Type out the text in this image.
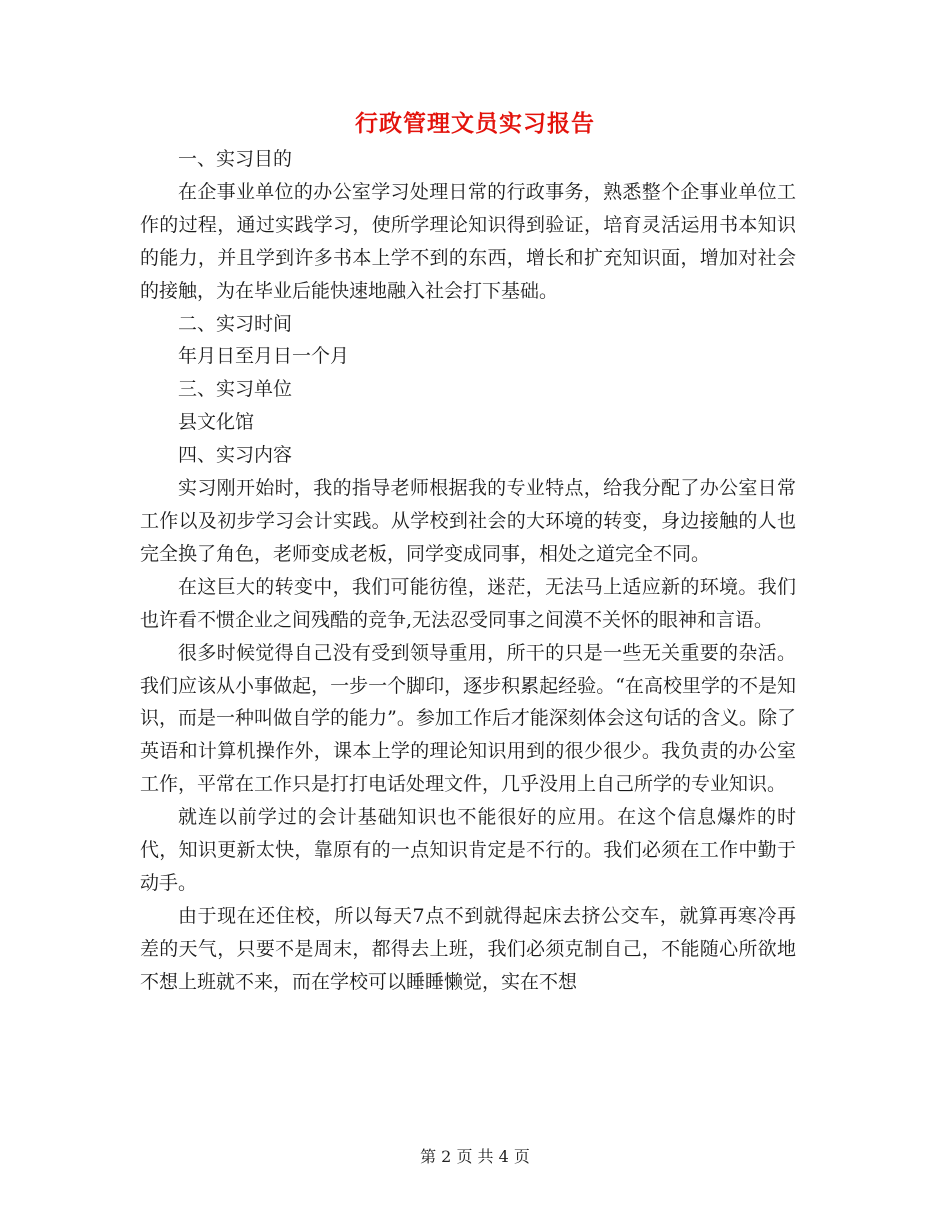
行政管理文员实习报告

一、实习目的

在企事业单位的办公室学习处理日常的行政事务，熟悉整个企事业单位工作的过程，通过实践学习，使所学理论知识得到验证，培育灵活运用书本知识的能力，并且学到许多书本上学不到的东西，增长和扩充知识面，增加对社会的接触，为在毕业后能快速地融入社会打下基础。

二、实习时间

年月日至月日一个月

三、实习单位

县文化馆

四、实习内容

实习刚开始时，我的指导老师根据我的专业特点，给我分配了办公室日常工作以及初步学习会计实践。从学校到社会的大环境的转变，身边接触的人也完全换了角色，老师变成老板，同学变成同事，相处之道完全不同。

在这巨大的转变中，我们可能彷徨，迷茫，无法马上适应新的环境。我们也许看不惯企业之间残酷的竞争,无法忍受同事之间漠不关怀的眼神和言语。

很多时候觉得自己没有受到领导重用，所干的只是一些无关重要的杂活。我们应该从小事做起，一步一个脚印，逐步积累起经验。“在高校里学的不是知识，而是一种叫做自学的能力”。参加工作后才能深刻体会这句话的含义。除了英语和计算机操作外，课本上学的理论知识用到的很少很少。我负责的办公室工作，平常在工作只是打打电话处理文件，几乎没用上自己所学的专业知识。

就连以前学过的会计基础知识也不能很好的应用。在这个信息爆炸的时代，知识更新太快，靠原有的一点知识肯定是不行的。我们必须在工作中勤于动手。

由于现在还住校，所以每天7点不到就得起床去挤公交车，就算再寒冷再差的天气，只要不是周末，都得去上班，我们必须克制自己，不能随心所欲地不想上班就不来，而在学校可以睡睡懒觉，实在不想

第 2 页 共 4 页
